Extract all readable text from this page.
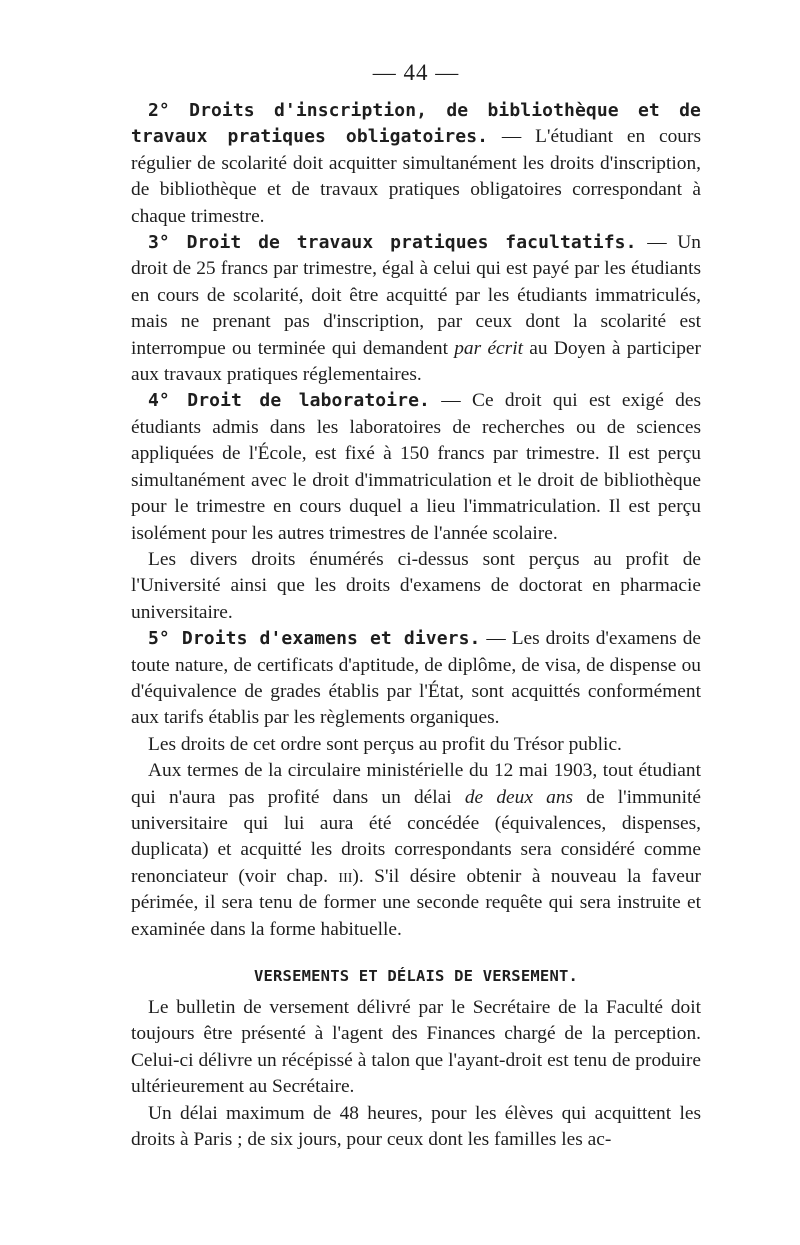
— 44 —

2° Droits d'inscription, de bibliothèque et de travaux pratiques obligatoires. — L'étudiant en cours régulier de scolarité doit acquitter simultanément les droits d'inscription, de bibliothèque et de travaux pratiques obligatoires correspondant à chaque trimestre.

3° Droit de travaux pratiques facultatifs. — Un droit de 25 francs par trimestre, égal à celui qui est payé par les étudiants en cours de scolarité, doit être acquitté par les étudiants immatriculés, mais ne prenant pas d'inscription, par ceux dont la scolarité est interrompue ou terminée qui demandent par écrit au Doyen à participer aux travaux pratiques réglementaires.

4° Droit de laboratoire. — Ce droit qui est exigé des étudiants admis dans les laboratoires de recherches ou de sciences appliquées de l'École, est fixé à 150 francs par trimestre. Il est perçu simultanément avec le droit d'immatriculation et le droit de bibliothèque pour le trimestre en cours duquel a lieu l'immatriculation. Il est perçu isolément pour les autres trimestres de l'année scolaire.

Les divers droits énumérés ci-dessus sont perçus au profit de l'Université ainsi que les droits d'examens de doctorat en pharmacie universitaire.

5° Droits d'examens et divers. — Les droits d'examens de toute nature, de certificats d'aptitude, de diplôme, de visa, de dispense ou d'équivalence de grades établis par l'État, sont acquittés conformément aux tarifs établis par les règlements organiques.

Les droits de cet ordre sont perçus au profit du Trésor public.

Aux termes de la circulaire ministérielle du 12 mai 1903, tout étudiant qui n'aura pas profité dans un délai de deux ans de l'immunité universitaire qui lui aura été concédée (équivalences, dispenses, duplicata) et acquitté les droits correspondants sera considéré comme renonciateur (voir chap. iii). S'il désire obtenir à nouveau la faveur périmée, il sera tenu de former une seconde requête qui sera instruite et examinée dans la forme habituelle.

VERSEMENTS ET DÉLAIS DE VERSEMENT.

Le bulletin de versement délivré par le Secrétaire de la Faculté doit toujours être présenté à l'agent des Finances chargé de la perception. Celui-ci délivre un récépissé à talon que l'ayant-droit est tenu de produire ultérieurement au Secrétaire.

Un délai maximum de 48 heures, pour les élèves qui acquittent les droits à Paris ; de six jours, pour ceux dont les familles les ac-
